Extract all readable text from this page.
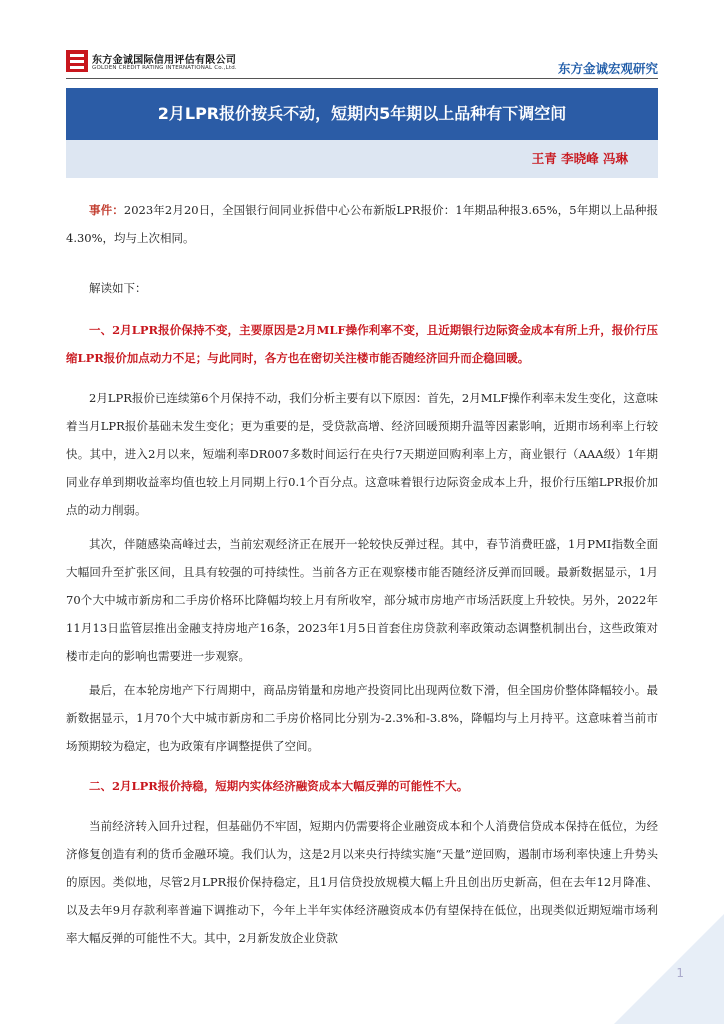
东方金诚国际信用评估有限公司
GOLDEN CREDIT RATING INTERNATIONAL Co.,Ltd.	东方金诚宏观研究
2月LPR报价按兵不动，短期内5年期以上品种有下调空间
王青 李晓峰 冯琳

事件：2023年2月20日，全国银行间同业拆借中心公布新版LPR报价：1年期品种报3.65%，5年期以上品种报4.30%，均与上次相同。

解读如下：

一、2月LPR报价保持不变，主要原因是2月MLF操作利率不变，且近期银行边际资金成本有所上升，报价行压缩LPR报价加点动力不足；与此同时，各方也在密切关注楼市能否随经济回升而企稳回暖。

2月LPR报价已连续第6个月保持不动，我们分析主要有以下原因：首先，2月MLF操作利率未发生变化，这意味着当月LPR报价基础未发生变化；更为重要的是，受贷款高增、经济回暖预期升温等因素影响，近期市场利率上行较快。其中，进入2月以来，短端利率DR007多数时间运行在央行7天期逆回购利率上方，商业银行（AAA级）1年期同业存单到期收益率均值也较上月同期上行0.1个百分点。这意味着银行边际资金成本上升，报价行压缩LPR报价加点的动力削弱。

其次，伴随感染高峰过去，当前宏观经济正在展开一轮较快反弹过程。其中，春节消费旺盛，1月PMI指数全面大幅回升至扩张区间，且具有较强的可持续性。当前各方正在观察楼市能否随经济反弹而回暖。最新数据显示，1月70个大中城市新房和二手房价格环比降幅均较上月有所收窄，部分城市房地产市场活跃度上升较快。另外，2022年11月13日监管层推出金融支持房地产16条，2023年1月5日首套住房贷款利率政策动态调整机制出台，这些政策对楼市走向的影响也需要进一步观察。

最后，在本轮房地产下行周期中，商品房销量和房地产投资同比出现两位数下滑，但全国房价整体降幅较小。最新数据显示，1月70个大中城市新房和二手房价格同比分别为-2.3%和-3.8%，降幅均与上月持平。这意味着当前市场预期较为稳定，也为政策有序调整提供了空间。

二、2月LPR报价持稳，短期内实体经济融资成本大幅反弹的可能性不大。

当前经济转入回升过程，但基础仍不牢固，短期内仍需要将企业融资成本和个人消费信贷成本保持在低位，为经济修复创造有利的货币金融环境。我们认为，这是2月以来央行持续实施“天量”逆回购，遏制市场利率快速上升势头的原因。类似地，尽管2月LPR报价保持稳定，且1月信贷投放规模大幅上升且创出历史新高，但在去年12月降准、以及去年9月存款利率普遍下调推动下，今年上半年实体经济融资成本仍有望保持在低位，出现类似近期短端市场利率大幅反弹的可能性不大。其中，2月新发放企业贷款

1
